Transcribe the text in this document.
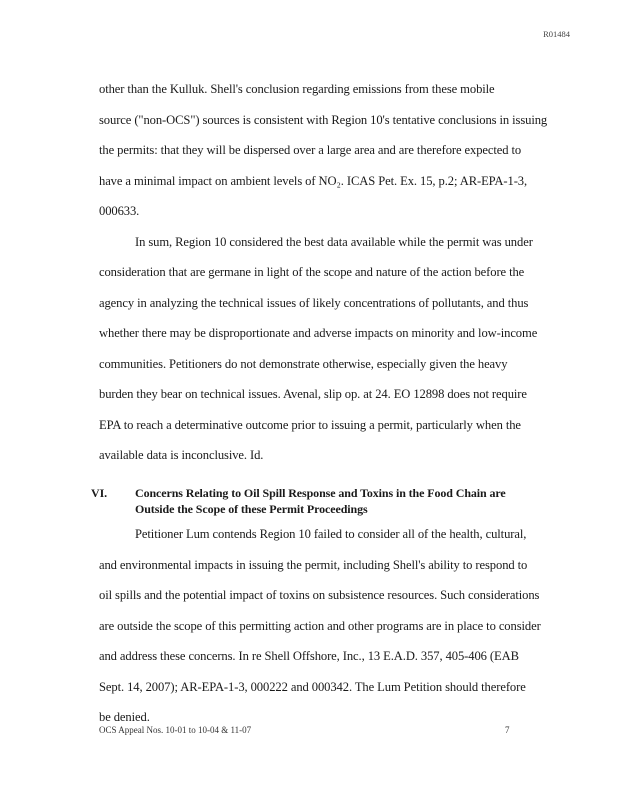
R01484
other than the Kulluk. Shell's conclusion regarding emissions from these mobile
source ("non-OCS") sources is consistent with Region 10's tentative conclusions in issuing
the permits: that they will be dispersed over a large area and are therefore expected to
have a minimal impact on ambient levels of NO₂. ICAS Pet. Ex. 15, p.2; AR-EPA-1-3,
000633.
In sum, Region 10 considered the best data available while the permit was under
consideration that are germane in light of the scope and nature of the action before the
agency in analyzing the technical issues of likely concentrations of pollutants, and thus
whether there may be disproportionate and adverse impacts on minority and low-income
communities. Petitioners do not demonstrate otherwise, especially given the heavy
burden they bear on technical issues. Avenal, slip op. at 24. EO 12898 does not require
EPA to reach a determinative outcome prior to issuing a permit, particularly when the
available data is inconclusive. Id.
VI. Concerns Relating to Oil Spill Response and Toxins in the Food Chain are
Outside the Scope of these Permit Proceedings
Petitioner Lum contends Region 10 failed to consider all of the health, cultural,
and environmental impacts in issuing the permit, including Shell's ability to respond to
oil spills and the potential impact of toxins on subsistence resources. Such considerations
are outside the scope of this permitting action and other programs are in place to consider
and address these concerns. In re Shell Offshore, Inc., 13 E.A.D. 357, 405-406 (EAB
Sept. 14, 2007); AR-EPA-1-3, 000222 and 000342. The Lum Petition should therefore
be denied.
OCS Appeal Nos. 10-01 to 10-04 & 11-07	7
